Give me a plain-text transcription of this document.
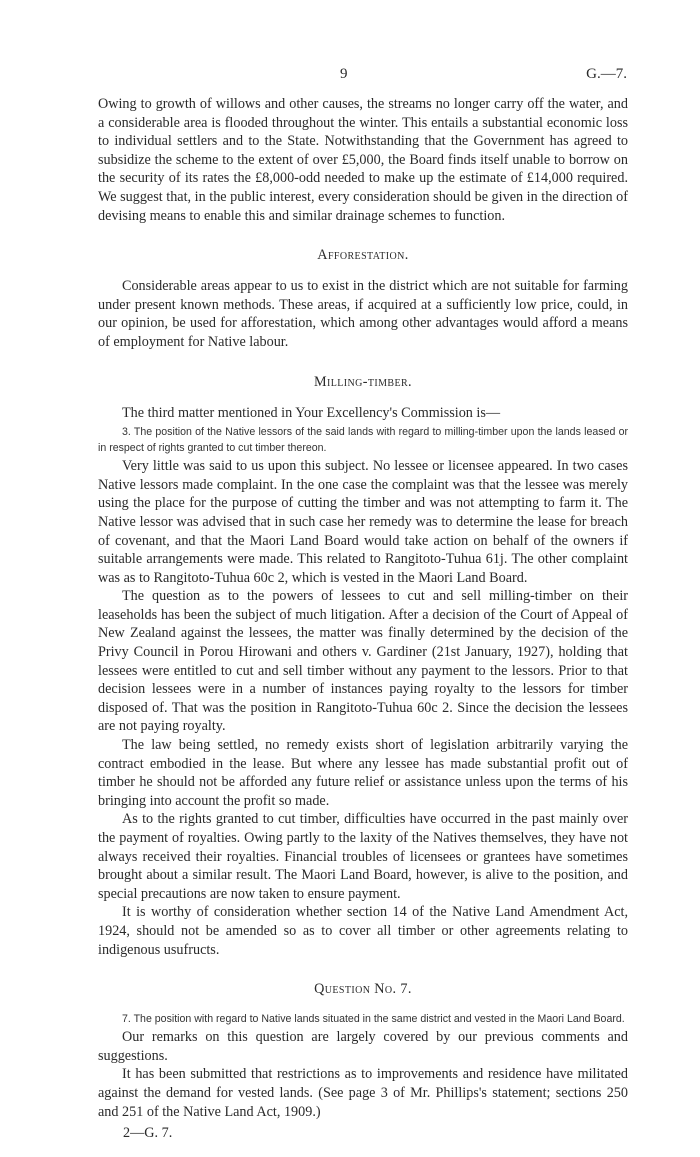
9	G.—7.

Owing to growth of willows and other causes, the streams no longer carry off the water, and a considerable area is flooded throughout the winter. This entails a substantial economic loss to individual settlers and to the State. Notwithstanding that the Government has agreed to subsidize the scheme to the extent of over £5,000, the Board finds itself unable to borrow on the security of its rates the £8,000-odd needed to make up the estimate of £14,000 required. We suggest that, in the public interest, every consideration should be given in the direction of devising means to enable this and similar drainage schemes to function.

Afforestation.

Considerable areas appear to us to exist in the district which are not suitable for farming under present known methods. These areas, if acquired at a sufficiently low price, could, in our opinion, be used for afforestation, which among other advantages would afford a means of employment for Native labour.

Milling-timber.

The third matter mentioned in Your Excellency's Commission is—

3. The position of the Native lessors of the said lands with regard to milling-timber upon the lands leased or in respect of rights granted to cut timber thereon.

Very little was said to us upon this subject. No lessee or licensee appeared. In two cases Native lessors made complaint. In the one case the complaint was that the lessee was merely using the place for the purpose of cutting the timber and was not attempting to farm it. The Native lessor was advised that in such case her remedy was to determine the lease for breach of covenant, and that the Maori Land Board would take action on behalf of the owners if suitable arrangements were made. This related to Rangitoto-Tuhua 61j. The other complaint was as to Rangitoto-Tuhua 60c 2, which is vested in the Maori Land Board.

The question as to the powers of lessees to cut and sell milling-timber on their leaseholds has been the subject of much litigation. After a decision of the Court of Appeal of New Zealand against the lessees, the matter was finally determined by the decision of the Privy Council in Porou Hirowani and others v. Gardiner (21st January, 1927), holding that lessees were entitled to cut and sell timber without any payment to the lessors. Prior to that decision lessees were in a number of instances paying royalty to the lessors for timber disposed of. That was the position in Rangitoto-Tuhua 60c 2. Since the decision the lessees are not paying royalty.

The law being settled, no remedy exists short of legislation arbitrarily varying the contract embodied in the lease. But where any lessee has made substantial profit out of timber he should not be afforded any future relief or assistance unless upon the terms of his bringing into account the profit so made.

As to the rights granted to cut timber, difficulties have occurred in the past mainly over the payment of royalties. Owing partly to the laxity of the Natives themselves, they have not always received their royalties. Financial troubles of licensees or grantees have sometimes brought about a similar result. The Maori Land Board, however, is alive to the position, and special precautions are now taken to ensure payment.

It is worthy of consideration whether section 14 of the Native Land Amendment Act, 1924, should not be amended so as to cover all timber or other agreements relating to indigenous usufructs.

Question No. 7.

7. The position with regard to Native lands situated in the same district and vested in the Maori Land Board.

Our remarks on this question are largely covered by our previous comments and suggestions.

It has been submitted that restrictions as to improvements and residence have militated against the demand for vested lands. (See page 3 of Mr. Phillips's statement; sections 250 and 251 of the Native Land Act, 1909.)

2—G. 7.
